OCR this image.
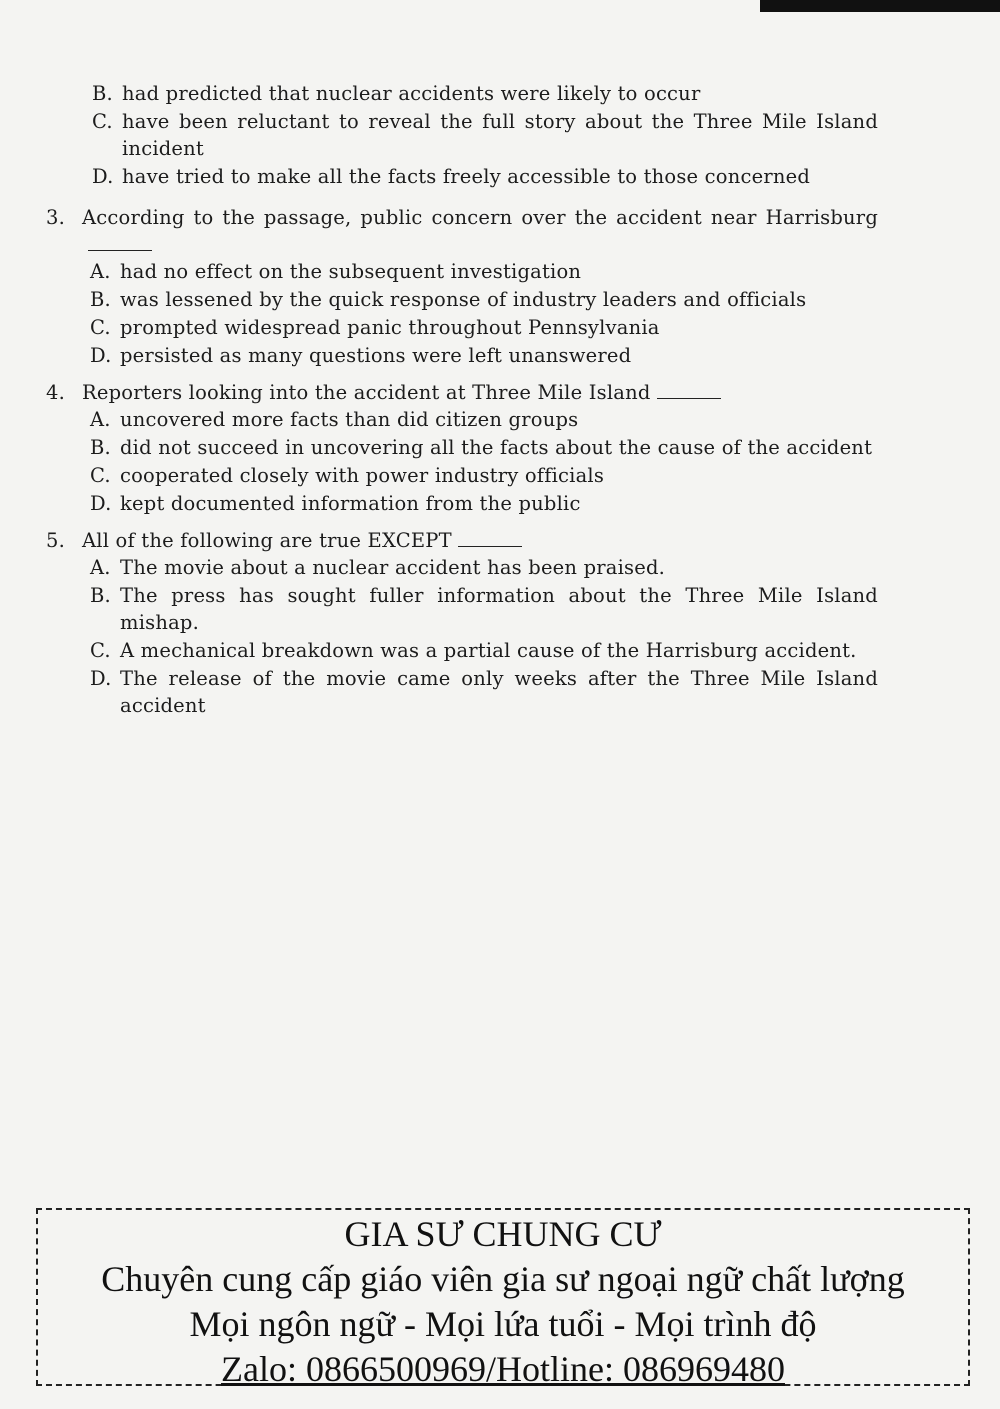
B. had predicted that nuclear accidents were likely to occur
C. have been reluctant to reveal the full story about the Three Mile Island incident
D. have tried to make all the facts freely accessible to those concerned
3. According to the passage, public concern over the accident near Harrisburg
A. had no effect on the subsequent investigation
B. was lessened by the quick response of industry leaders and officials
C. prompted widespread panic throughout Pennsylvania
D. persisted as many questions were left unanswered
4. Reporters looking into the accident at Three Mile Island
A. uncovered more facts than did citizen groups
B. did not succeed in uncovering all the facts about the cause of the accident
C. cooperated closely with power industry officials
D. kept documented information from the public
5. All of the following are true EXCEPT
A. The movie about a nuclear accident has been praised.
B. The press has sought fuller information about the Three Mile Island mishap.
C. A mechanical breakdown was a partial cause of the Harrisburg accident.
D. The release of the movie came only weeks after the Three Mile Island accident
GIA SƯ CHUNG CƯ
Chuyên cung cấp giáo viên gia sư ngoại ngữ chất lượng
Mọi ngôn ngữ - Mọi lứa tuổi - Mọi trình độ
Zalo: 0866500969/Hotline: 086969480
